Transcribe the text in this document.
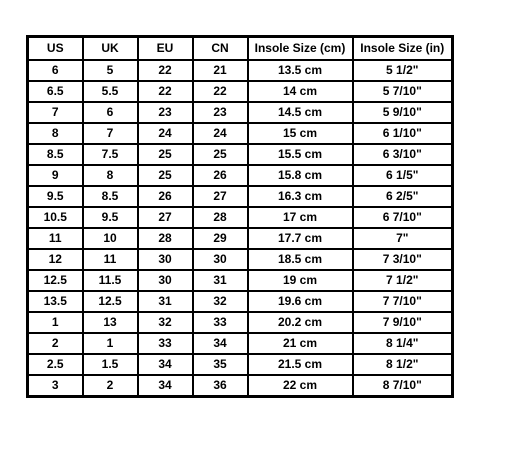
US	UK	EU	CN	Insole Size (cm)	Insole Size (in)
6	5	22	21	13.5 cm	5 1/2"
6.5	5.5	22	22	14 cm	5 7/10"
7	6	23	23	14.5 cm	5 9/10"
8	7	24	24	15 cm	6 1/10"
8.5	7.5	25	25	15.5 cm	6 3/10"
9	8	25	26	15.8 cm	6 1/5"
9.5	8.5	26	27	16.3 cm	6 2/5"
10.5	9.5	27	28	17 cm	6 7/10"
11	10	28	29	17.7 cm	7"
12	11	30	30	18.5 cm	7 3/10"
12.5	11.5	30	31	19 cm	7 1/2"
13.5	12.5	31	32	19.6 cm	7 7/10"
1	13	32	33	20.2 cm	7 9/10"
2	1	33	34	21 cm	8 1/4"
2.5	1.5	34	35	21.5 cm	8 1/2"
3	2	34	36	22 cm	8 7/10"
